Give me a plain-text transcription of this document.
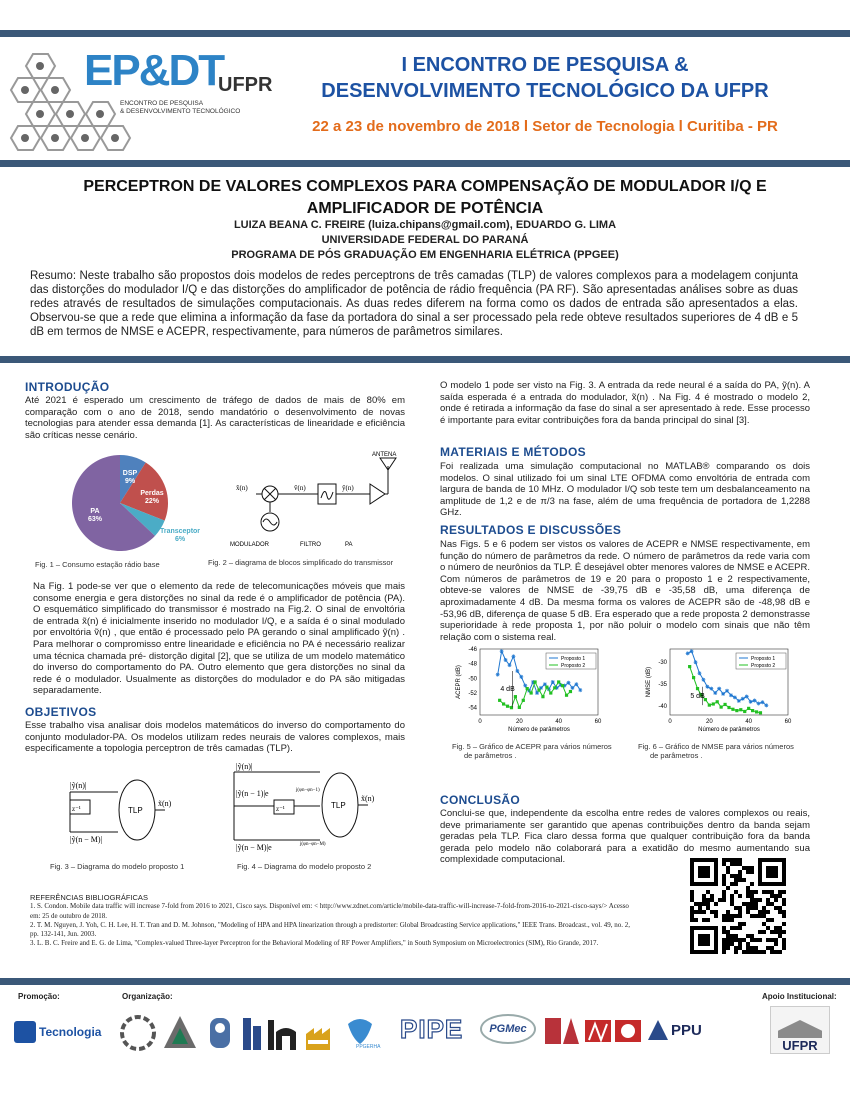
EP&DT
UFPR
ENCONTRO DE PESQUISA
& DESENVOLVIMENTO TECNOLÓGICO
I ENCONTRO DE PESQUISA &
DESENVOLVIMENTO TECNOLÓGICO DA UFPR
22 a 23 de novembro de 2018 l Setor de Tecnologia l Curitiba - PR
PERCEPTRON DE VALORES COMPLEXOS PARA COMPENSAÇÃO DE MODULADOR I/Q E
AMPLIFICADOR DE POTÊNCIA
LUIZA BEANA C. FREIRE (luiza.chipans@gmail.com), EDUARDO G. LIMA
UNIVERSIDADE FEDERAL DO PARANÁ
PROGRAMA DE PÓS GRADUAÇÃO EM ENGENHARIA ELÉTRICA (PPGEE)
Resumo: Neste trabalho são propostos dois modelos de redes perceptrons de três camadas (TLP) de valores complexos para a modelagem conjunta das distorções do modulador I/Q e das distorções do amplificador de potência de rádio frequência (PA RF). São apresentadas análises sobre as duas redes através de resultados de simulações computacionais. As duas redes diferem na forma como os dados de entrada são apresentados a elas. Observou-se que a rede que elimina a informação da fase da portadora do sinal a ser processado pela rede obteve resultados superiores de 4 dB e 5 dB em termos de NMSE e ACEPR, respectivamente, para números de parâmetros similares.
INTRODUÇÃO
Até 2021 é esperado um crescimento de tráfego de dados de mais de 80% em comparação com o ano de 2018, sendo mandatório o desenvolvimento de novas tecnologias para atender essa demanda [1]. As características de linearidade e eficiência são críticas nesse cenário.
DSP 9%
Perdas 22%
Transceptor 6%
PA 63%
Fig. 1 – Consumo estação rádio base
x̃(n)	ṽ(n)	ỹ(n)
ANTENA
MODULADOR	FILTRO	PA
Fig. 2 – diagrama de blocos simplificado do transmissor
Na Fig. 1 pode-se ver que o elemento da rede de telecomunicações móveis que mais consome energia e gera distorções no sinal da rede é o amplificador de potência (PA). O esquemático simplificado do transmissor é mostrado na Fig.2. O sinal de envoltória de entrada x̃(n) é inicialmente inserido no modulador I/Q, e a saída é o sinal modulado por envoltória ṽ(n) , que então é processado pelo PA gerando o sinal amplificado ỹ(n) . Para melhorar o compromisso entre linearidade e eficiência no PA é necessário realizar uma técnica chamada pré- distorção digital [2], que se utiliza de um modelo matemático do inverso do comportamento do PA. Outro elemento que gera distorções no sinal da rede é o modulador. Usualmente as distorções do modulador e do PA são mitigadas separadamente.
OBJETIVOS
Esse trabalho visa analisar dois modelos matemáticos do inverso do comportamento do conjunto modulador-PA. Os modelos utilizam redes neurais de valores complexos, mais especificamente a topologia perceptron de três camadas (TLP).
z⁻¹	TLP
|ỹ(n)|
|ỹ(n − M)|
x̃(n)
Fig. 3 – Diagrama do modelo proposto 1
z⁻¹	TLP
|ỹ(n)|
|ỹ(n − 1)|e	j(φn−φn−1)
|ỹ(n − M)|e	j(φn−φn−M)
x̃(n)
Fig. 4 – Diagrama do modelo proposto 2
O modelo 1 pode ser visto na Fig. 3. A entrada da rede neural é a saída do PA, ỹ(n). A saída esperada é a entrada do modulador, x̃(n) . Na Fig. 4 é mostrado o modelo 2, onde é retirada a informação da fase do sinal a ser apresentado à rede. Esse processo é importante para evitar contribuições fora da banda principal do sinal [3].
MATERIAIS E MÉTODOS
Foi realizada uma simulação computacional no MATLAB® comparando os dois modelos. O sinal utilizado foi um sinal LTE OFDMA como envoltória de entrada com largura de banda de 10 MHz. O modulador I/Q sob teste tem um desbalanceamento na amplitude de 1,2 e de π/3 na fase, além de uma frequência de portadora de 1,2288 GHz.
RESULTADOS E DISCUSSÕES
Nas Figs. 5 e 6 podem ser vistos os valores de ACEPR e NMSE respectivamente, em função do número de parâmetros da rede. O número de parâmetros da rede varia com o número de neurônios da TLP. É desejável obter menores valores de NMSE e ACEPR. Com números de parâmetros de 19 e 20 para o proposto 1 e 2 respectivamente, obteve-se valores de NMSE de -39,75 dB e -35,58 dB, uma diferença de aproximadamente 4 dB. Da mesma forma os valores de ACEPR são de -48,98 dB e -53,96 dB, diferença de quase 5 dB. Era esperado que a rede proposta 2 demonstrasse superioridade à rede proposta 1, por não poluir o modelo com sinais que não têm relação com o sistema real.
0	20	40	60
-46
-48
-50
-52
-54
Número de parâmetros
ACEPR (dB)
Proposto 1
Proposto 2
4 dB
0	20	40	60
-30
-35
-40
Número de parâmetros
NMSE (dB)
Proposto 1
Proposto 2
5 dB
Fig. 5 – Gráfico de ACEPR para vários números
de parâmetros .
Fig. 6 – Gráfico de NMSE para vários números
de parâmetros .
CONCLUSÃO
Conclui-se que, independente da escolha entre redes de valores complexos ou reais, deve primariamente ser garantido que apenas contribuições dentro da banda sejam geradas pela TLP. Fica claro dessa forma que qualquer contribuição fora da banda gerada pelo modelo não colaborará para a exatidão do mesmo aumentando sua complexidade computacional.
REFERÊNCIAS BIBLIOGRÁFICAS
1. S. Condon. Mobile data traffic will increase 7-fold from 2016 to 2021, Cisco says. Disponível em: < http://www.zdnet.com/article/mobile-data-traffic-will-increase-7-fold-from-2016-to-2021-cisco-says/> Acesso em: 25 de outubro de 2018.
2. T. M. Nguyen, J. Yoh, C. H. Lee, H. T. Tran and D. M. Johnson, "Modeling of HPA and HPA linearization through a predistorter: Global Broadcasting Service applications," IEEE Trans. Broadcast., vol. 49, no. 2, pp. 132-141, Jun. 2003.
3. L. B. C. Freire and E. G. de Lima, "Complex-valued Three-layer Perceptron for the Behavioral Modeling of RF Power Amplifiers," in South Symposium on Microelectronics (SIM), Rio Grande, 2017.
Promoção:	Organização:	Apoio Institucional:
Tecnologia
PPGERHA
PIPE PGMec	PPU
UFPR
